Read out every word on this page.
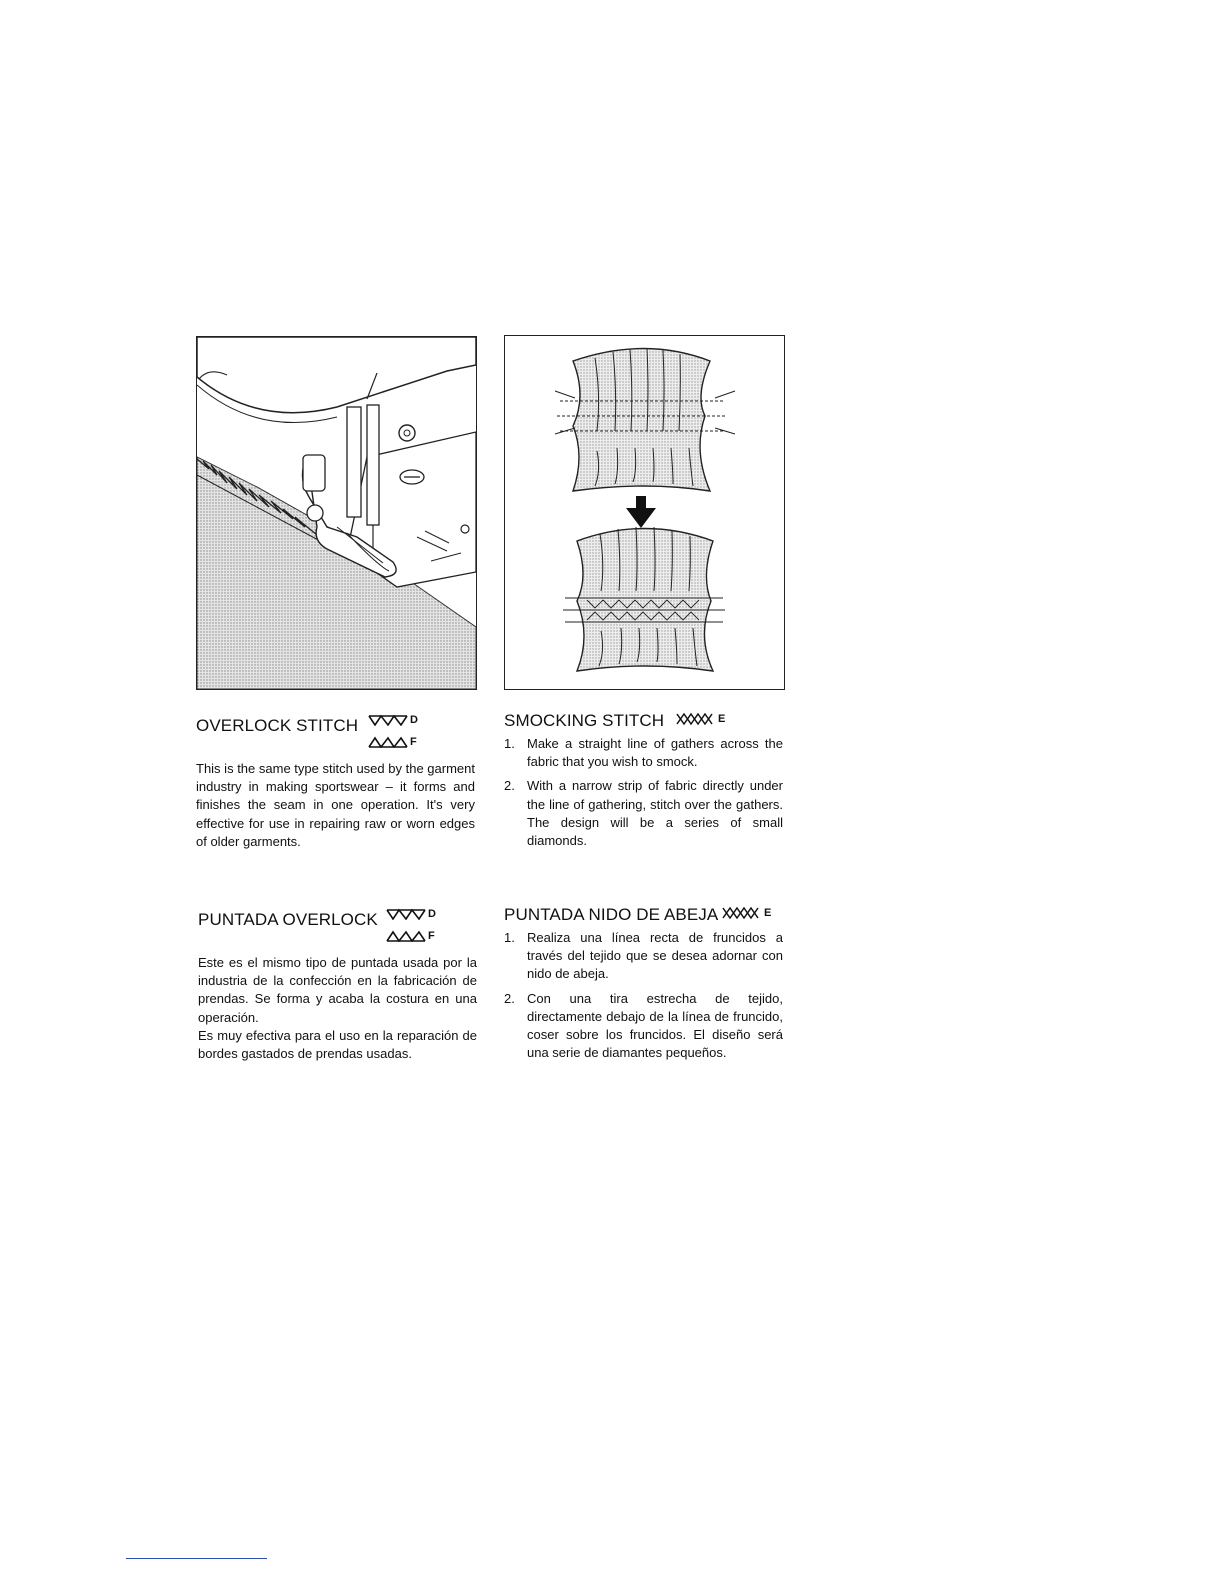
OVERLOCK STITCH	D
F

This is the same type stitch used by the garment industry in making sportswear – it forms and finishes the seam in one operation. It's very effective for use in repairing raw or worn edges of older garments.

SMOCKING STITCH	E
1. Make a straight line of gathers across the fabric that you wish to smock.
2. With a narrow strip of fabric directly under the line of gathering, stitch over the gathers. The design will be a series of small diamonds.
PUNTADA OVERLOCK	D
F

Este es el mismo tipo de puntada usada por la industria de la confección en la fabricación de prendas. Se forma y acaba la costura en una operación.

Es muy efectiva para el uso en la reparación de bordes gastados de prendas usadas.

PUNTADA NIDO DE ABEJA	E
1. Realiza una línea recta de fruncidos a través del tejido que se desea adornar con nido de abeja.
2. Con una tira estrecha de tejido, directamente debajo de la línea de fruncido, coser sobre los fruncidos. El diseño será una serie de diamantes pequeños.
